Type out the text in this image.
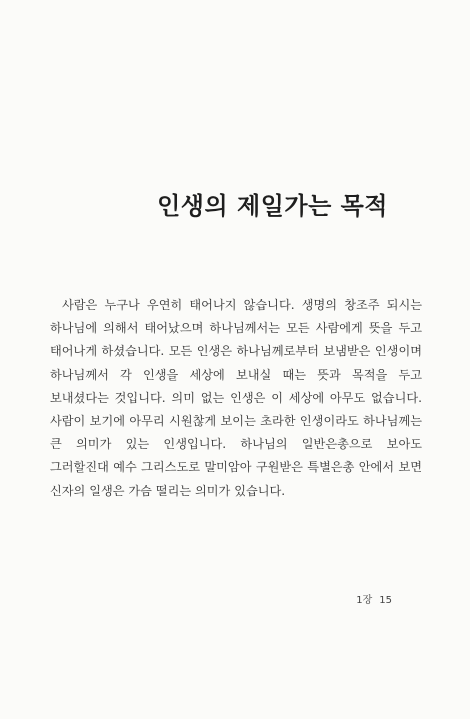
인생의 제일가는 목적

사람은 누구나 우연히 태어나지 않습니다. 생명의 창조주 되시는 하나님에 의해서 태어났으며 하나님께서는 모든 사람에게 뜻을 두고 태어나게 하셨습니다. 모든 인생은 하나님께로부터 보냄받은 인생이며 하나님께서 각 인생을 세상에 보내실 때는 뜻과 목적을 두고 보내셨다는 것입니다. 의미 없는 인생은 이 세상에 아무도 없습니다. 사람이 보기에 아무리 시원찮게 보이는 초라한 인생이라도 하나님께는 큰 의미가 있는 인생입니다. 하나님의 일반은총으로 보아도 그러할진대 예수 그리스도로 말미암아 구원받은 특별은총 안에서 보면 신자의 일생은 가슴 떨리는 의미가 있습니다.

1장 15
